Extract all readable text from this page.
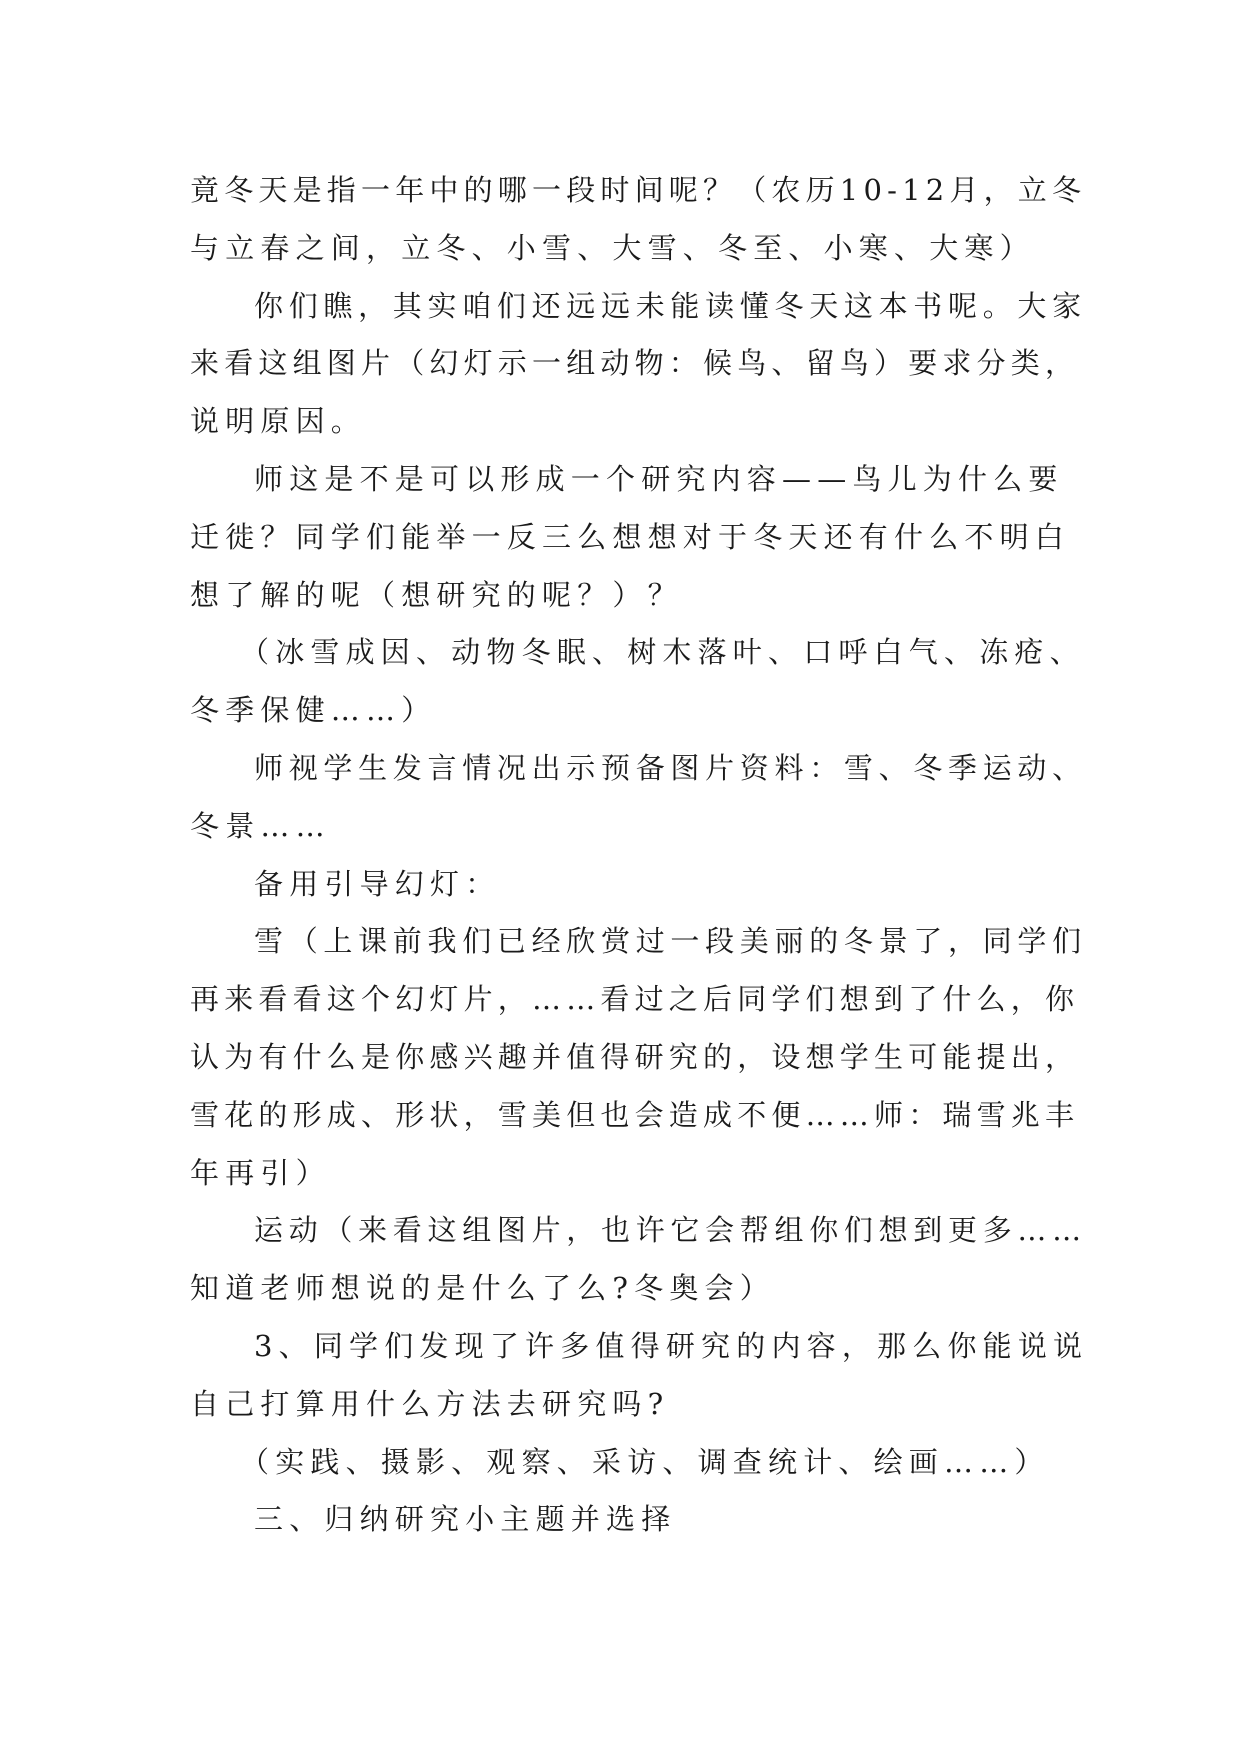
竟冬天是指一年中的哪一段时间呢？（农历10-12月，立冬
与立春之间，立冬、小雪、大雪、冬至、小寒、大寒）
你们瞧，其实咱们还远远未能读懂冬天这本书呢。大家
来看这组图片（幻灯示一组动物：候鸟、留鸟）要求分类，
说明原因。
师这是不是可以形成一个研究内容——鸟儿为什么要
迁徙？同学们能举一反三么想想对于冬天还有什么不明白
想了解的呢（想研究的呢？）？
（冰雪成因、动物冬眠、树木落叶、口呼白气、冻疮、
冬季保健……）
师视学生发言情况出示预备图片资料：雪、冬季运动、
冬景……
备用引导幻灯：
雪（上课前我们已经欣赏过一段美丽的冬景了，同学们
再来看看这个幻灯片，……看过之后同学们想到了什么，你
认为有什么是你感兴趣并值得研究的，设想学生可能提出，
雪花的形成、形状，雪美但也会造成不便……师：瑞雪兆丰
年再引）
运动（来看这组图片，也许它会帮组你们想到更多……
知道老师想说的是什么了么?冬奥会）
3、同学们发现了许多值得研究的内容，那么你能说说
自己打算用什么方法去研究吗?
（实践、摄影、观察、采访、调查统计、绘画……）
三、归纳研究小主题并选择
